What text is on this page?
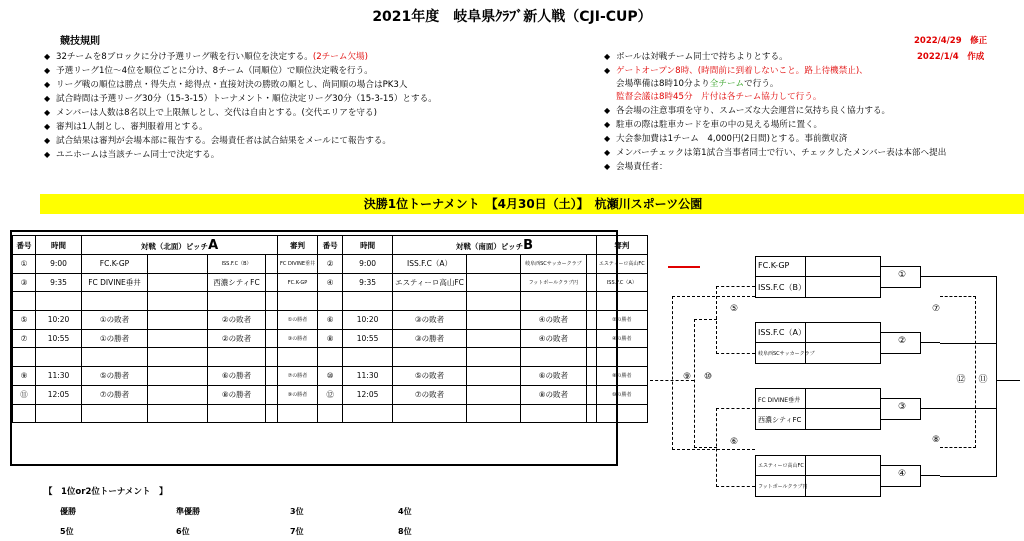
2021年度　岐阜県ｸﾗﾌﾞ新人戦（CJI-CUP）
競技規則	2022/4/29　修正
2022/1/4　作成
◆ 32チームを8ブロックに分け予選リーグ戦を行い順位を決定する。(2チーム欠場)
◆ 予選リーグ1位～4位を順位ごとに分け、8チーム（同順位）で順位決定戦を行う。
◆ リーグ戦の順位は勝点・得失点・総得点・直接対決の勝敗の順とし、尚同順の場合はPK3人
◆ 試合時間は予選リーグ30分（15-3-15）トーナメント・順位決定リーグ30分（15-3-15）とする。
◆ メンバーは人数は8名以上で上限無しとし、交代は自由とする。(交代エリアを守る)
◆ 審判は1人制とし、審判服着用とする。
◆ 試合結果は審判が会場本部に報告する。会場責任者は試合結果をメールにて報告する。
◆ ユニホームは当該チーム同士で決定する。
◆ ボールは対戦チーム同士で持ちよりとする。
◆ ゲートオープン8時、(時間前に到着しないこと。路上待機禁止)、
会場準備は8時10分より全チームで行う。
監督会議は8時45分　片付は各チーム協力して行う。
◆ 各会場の注意事項を守り、スムーズな大会運営に気持ち良く協力する。
◆ 駐車の際は駐車カードを車の中の見える場所に置く。
◆ 大会参加費は1チーム　4,000円(2日間)とする。事前徴収済
◆ メンバーチェックは第1試合当事者同士で行い、チェックしたメンバー表は本部へ提出
◆ 会場責任者：
決勝1位トーナメント　【4月30日（土）】　杭瀬川スポーツ公園
番号	時間	対戦（北面）ピッチA				審判	番号	時間	対戦（南面）ピッチB				審判
①	9:00	FC.K-GP		ISS.F.C（B）		FC DIVINE垂井	②	9:00	ISS.F.C（A）		岐阜西SCサッカークラブ		エスティーロ高山FC
③	9:35	FC DIVINE垂井		西濃シティFC		FC.K-GP	④	9:35	エスティーロ高山FC		フットボールクラブ円		ISS.F.C（A）

⑤	10:20	①の敗者		②の敗者		①の勝者	⑥	10:20	③の敗者		④の敗者		②の勝者
⑦	10:55	①の勝者		②の敗者		③の勝者	⑧	10:55	③の勝者		④の敗者		④の勝者

⑨	11:30	⑤の勝者		⑥の勝者		⑦の勝者	⑩	11:30	⑤の敗者		⑥の敗者		⑧の勝者
⑪	12:05	⑦の勝者		⑧の勝者		⑨の勝者	⑫	12:05	⑦の敗者		⑧の敗者		⑩の勝者

FC.K-GP
ISS.F.C（B）
ISS.F.C（A）
岐阜西SCサッカークラブ
FC DIVINE垂井
西濃シティFC
エスティーロ高山FC
フットボールクラブ円
①
②
③
④
⑤
⑥
⑦
⑧
⑨	⑩	⑪
⑫
【　1位or2位トーナメント　】
優勝	準優勝	3位	4位
5位	6位	7位	8位
